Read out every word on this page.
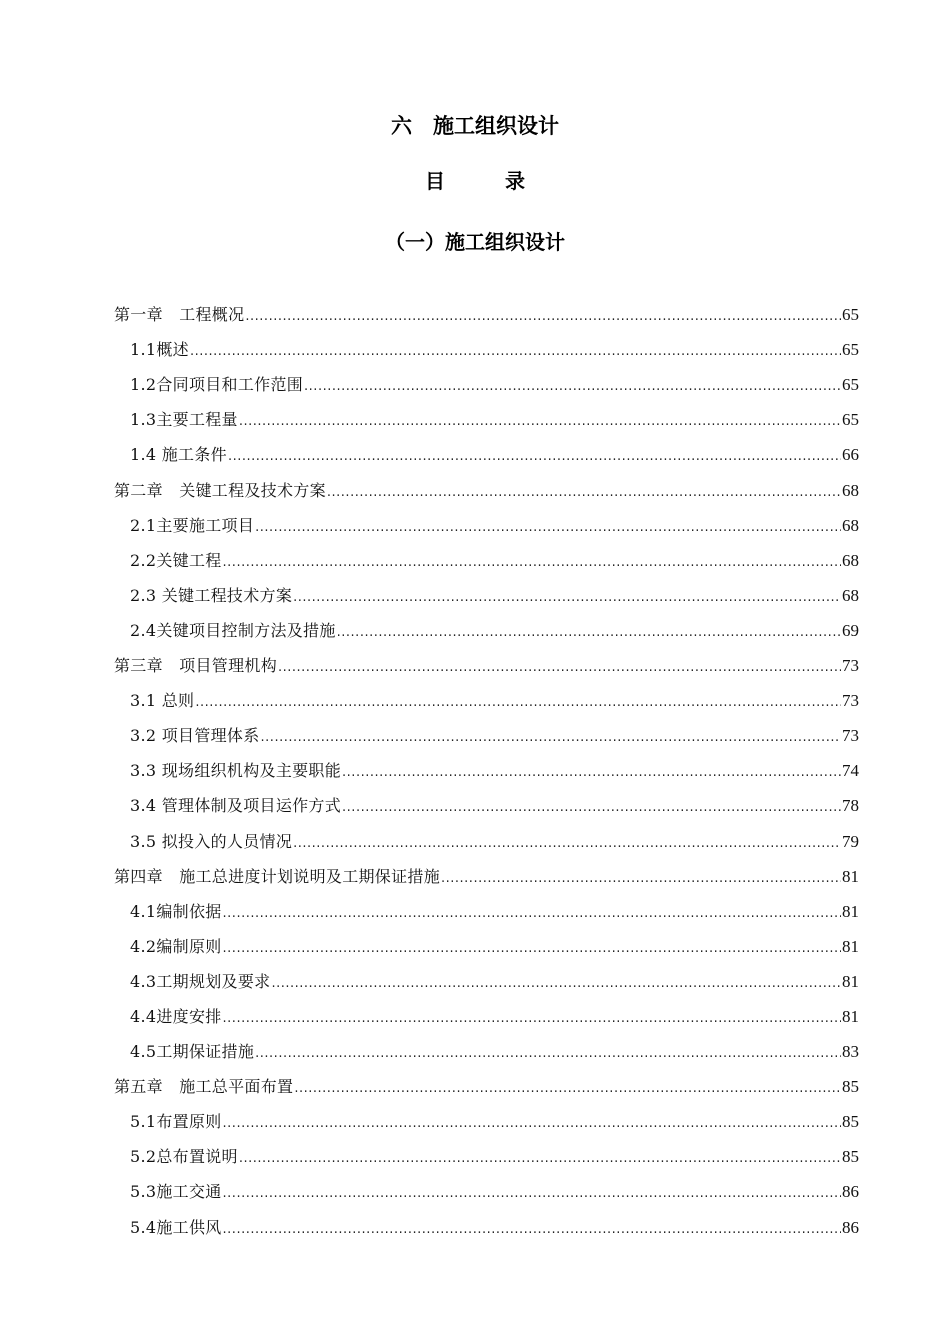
六　施工组织设计
目　　　录
（一）施工组织设计
第一章　工程概况 .....	65
1.1概述 .....	65
1.2合同项目和工作范围 .....	65
1.3主要工程量 .....	65
1.4 施工条件 .....	66
第二章　关键工程及技术方案 .....	68
2.1主要施工项目 .....	68
2.2关键工程 .....	68
2.3 关键工程技术方案 .....	68
2.4关键项目控制方法及措施 .....	69
第三章　项目管理机构 .....	73
3.1 总则 .....	73
3.2 项目管理体系 .....	73
3.3 现场组织机构及主要职能 .....	74
3.4 管理体制及项目运作方式 .....	78
3.5 拟投入的人员情况 .....	79
第四章　施工总进度计划说明及工期保证措施 .....	81
4.1编制依据 .....	81
4.2编制原则 .....	81
4.3工期规划及要求 .....	81
4.4进度安排 .....	81
4.5工期保证措施 .....	83
第五章　施工总平面布置 .....	85
5.1布置原则 .....	85
5.2总布置说明 .....	85
5.3施工交通 .....	86
5.4施工供风 .....	86
